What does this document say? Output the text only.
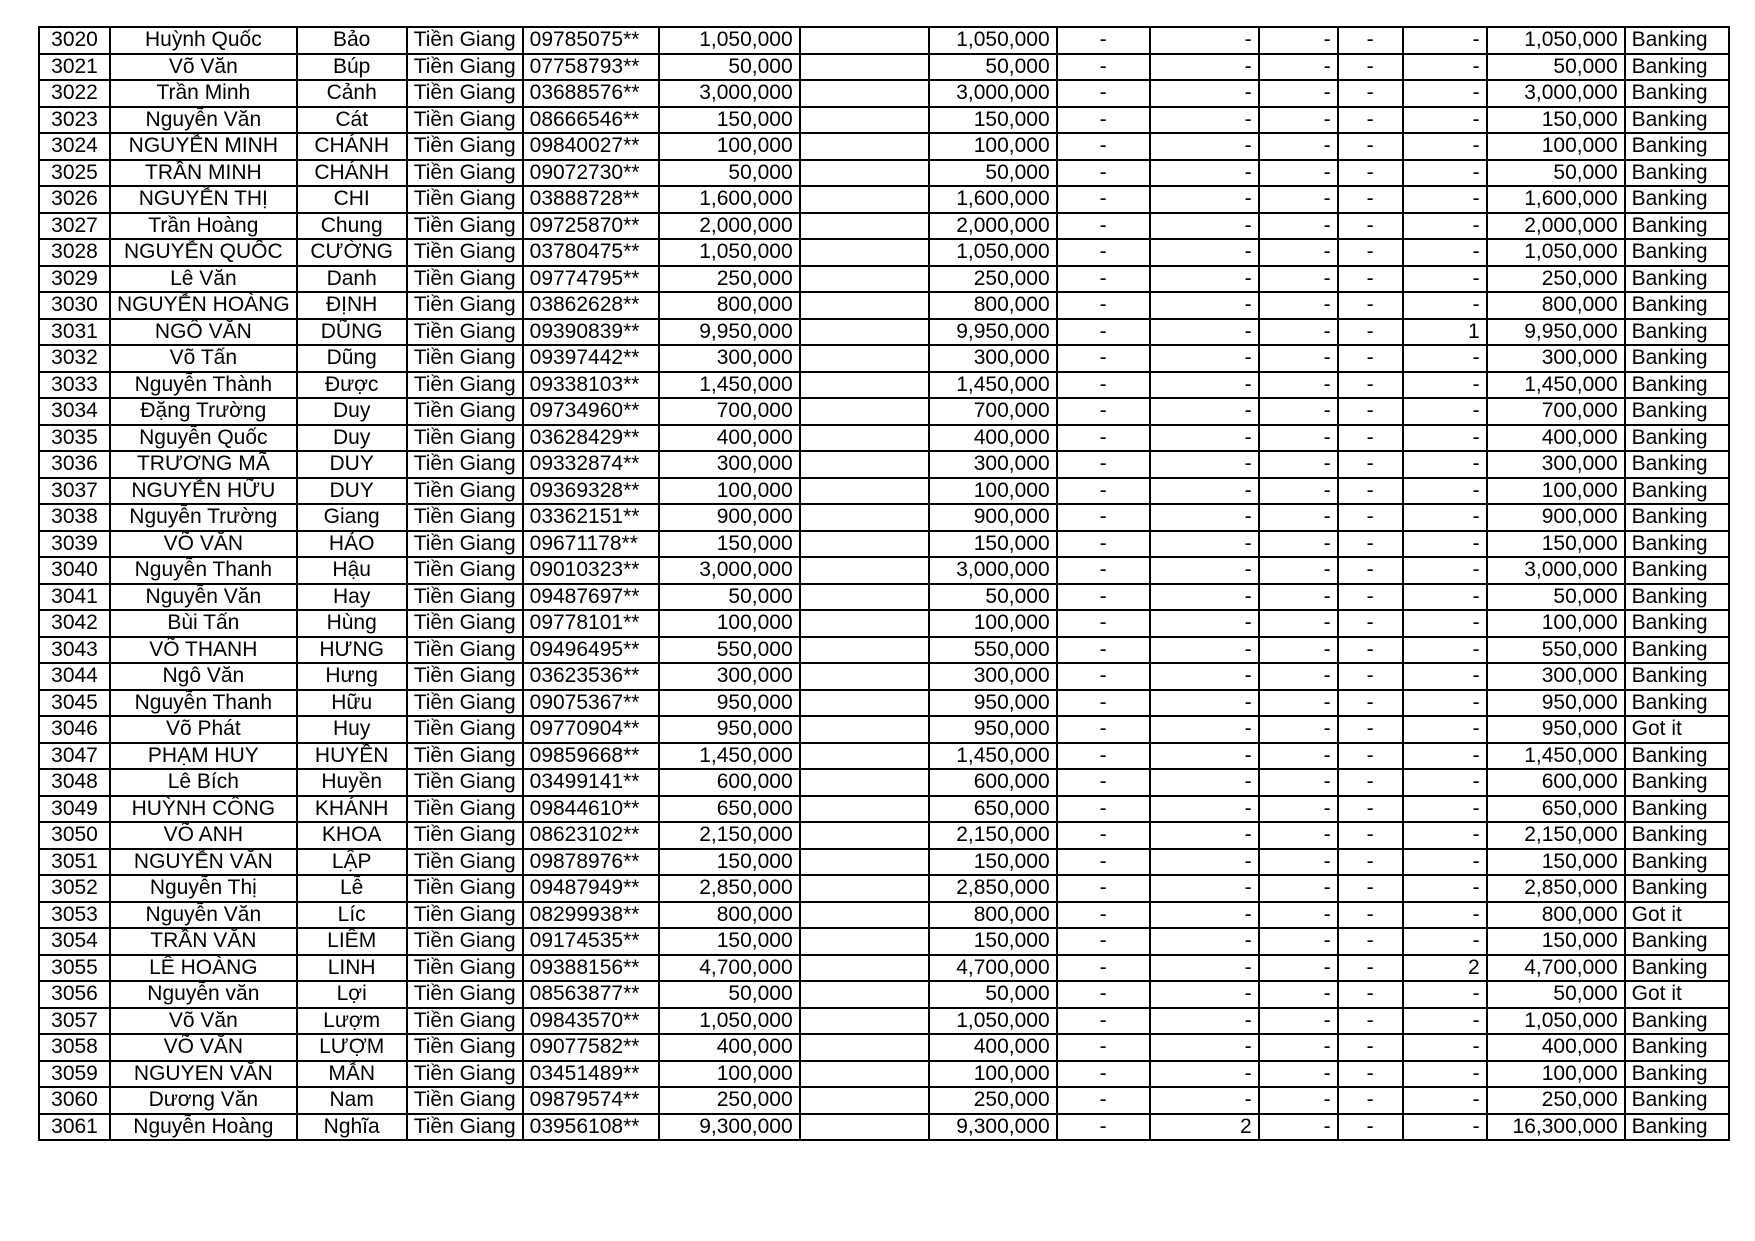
3020	Huỳnh Quốc	Bảo	Tiền Giang	09785075**	1,050,000		1,050,000	-	-	-	-	-	1,050,000	Banking
3021	Võ Văn	Búp	Tiền Giang	07758793**	50,000		50,000	-	-	-	-	-	50,000	Banking
3022	Trần Minh	Cảnh	Tiền Giang	03688576**	3,000,000		3,000,000	-	-	-	-	-	3,000,000	Banking
3023	Nguyễn Văn	Cát	Tiền Giang	08666546**	150,000		150,000	-	-	-	-	-	150,000	Banking
3024	NGUYỄN MINH	CHÁNH	Tiền Giang	09840027**	100,000		100,000	-	-	-	-	-	100,000	Banking
3025	TRẦN MINH	CHÁNH	Tiền Giang	09072730**	50,000		50,000	-	-	-	-	-	50,000	Banking
3026	NGUYỄN THỊ	CHI	Tiền Giang	03888728**	1,600,000		1,600,000	-	-	-	-	-	1,600,000	Banking
3027	Trần Hoàng	Chung	Tiền Giang	09725870**	2,000,000		2,000,000	-	-	-	-	-	2,000,000	Banking
3028	NGUYỄN QUỐC	CƯỜNG	Tiền Giang	03780475**	1,050,000		1,050,000	-	-	-	-	-	1,050,000	Banking
3029	Lê Văn	Danh	Tiền Giang	09774795**	250,000		250,000	-	-	-	-	-	250,000	Banking
3030	NGUYỄN HOÀNG	ĐỊNH	Tiền Giang	03862628**	800,000		800,000	-	-	-	-	-	800,000	Banking
3031	NGÔ VĂN	DŨNG	Tiền Giang	09390839**	9,950,000		9,950,000	-	-	-	-	1	9,950,000	Banking
3032	Võ Tấn	Dũng	Tiền Giang	09397442**	300,000		300,000	-	-	-	-	-	300,000	Banking
3033	Nguyễn Thành	Được	Tiền Giang	09338103**	1,450,000		1,450,000	-	-	-	-	-	1,450,000	Banking
3034	Đặng Trường	Duy	Tiền Giang	09734960**	700,000		700,000	-	-	-	-	-	700,000	Banking
3035	Nguyễn Quốc	Duy	Tiền Giang	03628429**	400,000		400,000	-	-	-	-	-	400,000	Banking
3036	TRƯƠNG MÃ	DUY	Tiền Giang	09332874**	300,000		300,000	-	-	-	-	-	300,000	Banking
3037	NGUYỄN HỮU	DUY	Tiền Giang	09369328**	100,000		100,000	-	-	-	-	-	100,000	Banking
3038	Nguyễn Trường	Giang	Tiền Giang	03362151**	900,000		900,000	-	-	-	-	-	900,000	Banking
3039	VÕ VĂN	HẢO	Tiền Giang	09671178**	150,000		150,000	-	-	-	-	-	150,000	Banking
3040	Nguyễn Thanh	Hậu	Tiền Giang	09010323**	3,000,000		3,000,000	-	-	-	-	-	3,000,000	Banking
3041	Nguyễn Văn	Hay	Tiền Giang	09487697**	50,000		50,000	-	-	-	-	-	50,000	Banking
3042	Bùi Tấn	Hùng	Tiền Giang	09778101**	100,000		100,000	-	-	-	-	-	100,000	Banking
3043	VÕ THANH	HƯNG	Tiền Giang	09496495**	550,000		550,000	-	-	-	-	-	550,000	Banking
3044	Ngô Văn	Hưng	Tiền Giang	03623536**	300,000		300,000	-	-	-	-	-	300,000	Banking
3045	Nguyễn Thanh	Hữu	Tiền Giang	09075367**	950,000		950,000	-	-	-	-	-	950,000	Banking
3046	Võ Phát	Huy	Tiền Giang	09770904**	950,000		950,000	-	-	-	-	-	950,000	Got it
3047	PHẠM HUY	HUYỀN	Tiền Giang	09859668**	1,450,000		1,450,000	-	-	-	-	-	1,450,000	Banking
3048	Lê Bích	Huyền	Tiền Giang	03499141**	600,000		600,000	-	-	-	-	-	600,000	Banking
3049	HUỲNH CÔNG	KHÁNH	Tiền Giang	09844610**	650,000		650,000	-	-	-	-	-	650,000	Banking
3050	VÕ ANH	KHOA	Tiền Giang	08623102**	2,150,000		2,150,000	-	-	-	-	-	2,150,000	Banking
3051	NGUYỄN VĂN	LẬP	Tiền Giang	09878976**	150,000		150,000	-	-	-	-	-	150,000	Banking
3052	Nguyễn Thị	Lễ	Tiền Giang	09487949**	2,850,000		2,850,000	-	-	-	-	-	2,850,000	Banking
3053	Nguyễn Văn	Líc	Tiền Giang	08299938**	800,000		800,000	-	-	-	-	-	800,000	Got it
3054	TRẦN VĂN	LIÊM	Tiền Giang	09174535**	150,000		150,000	-	-	-	-	-	150,000	Banking
3055	LÊ HOÀNG	LINH	Tiền Giang	09388156**	4,700,000		4,700,000	-	-	-	-	2	4,700,000	Banking
3056	Nguyễn văn	Lợi	Tiền Giang	08563877**	50,000		50,000	-	-	-	-	-	50,000	Got it
3057	Võ Văn	Lượm	Tiền Giang	09843570**	1,050,000		1,050,000	-	-	-	-	-	1,050,000	Banking
3058	VÕ VĂN	LƯỢM	Tiền Giang	09077582**	400,000		400,000	-	-	-	-	-	400,000	Banking
3059	NGUYEN VĂN	MẪN	Tiền Giang	03451489**	100,000		100,000	-	-	-	-	-	100,000	Banking
3060	Dương Văn	Nam	Tiền Giang	09879574**	250,000		250,000	-	-	-	-	-	250,000	Banking
3061	Nguyễn Hoàng	Nghĩa	Tiền Giang	03956108**	9,300,000		9,300,000	-	2	-	-	-	16,300,000	Banking
